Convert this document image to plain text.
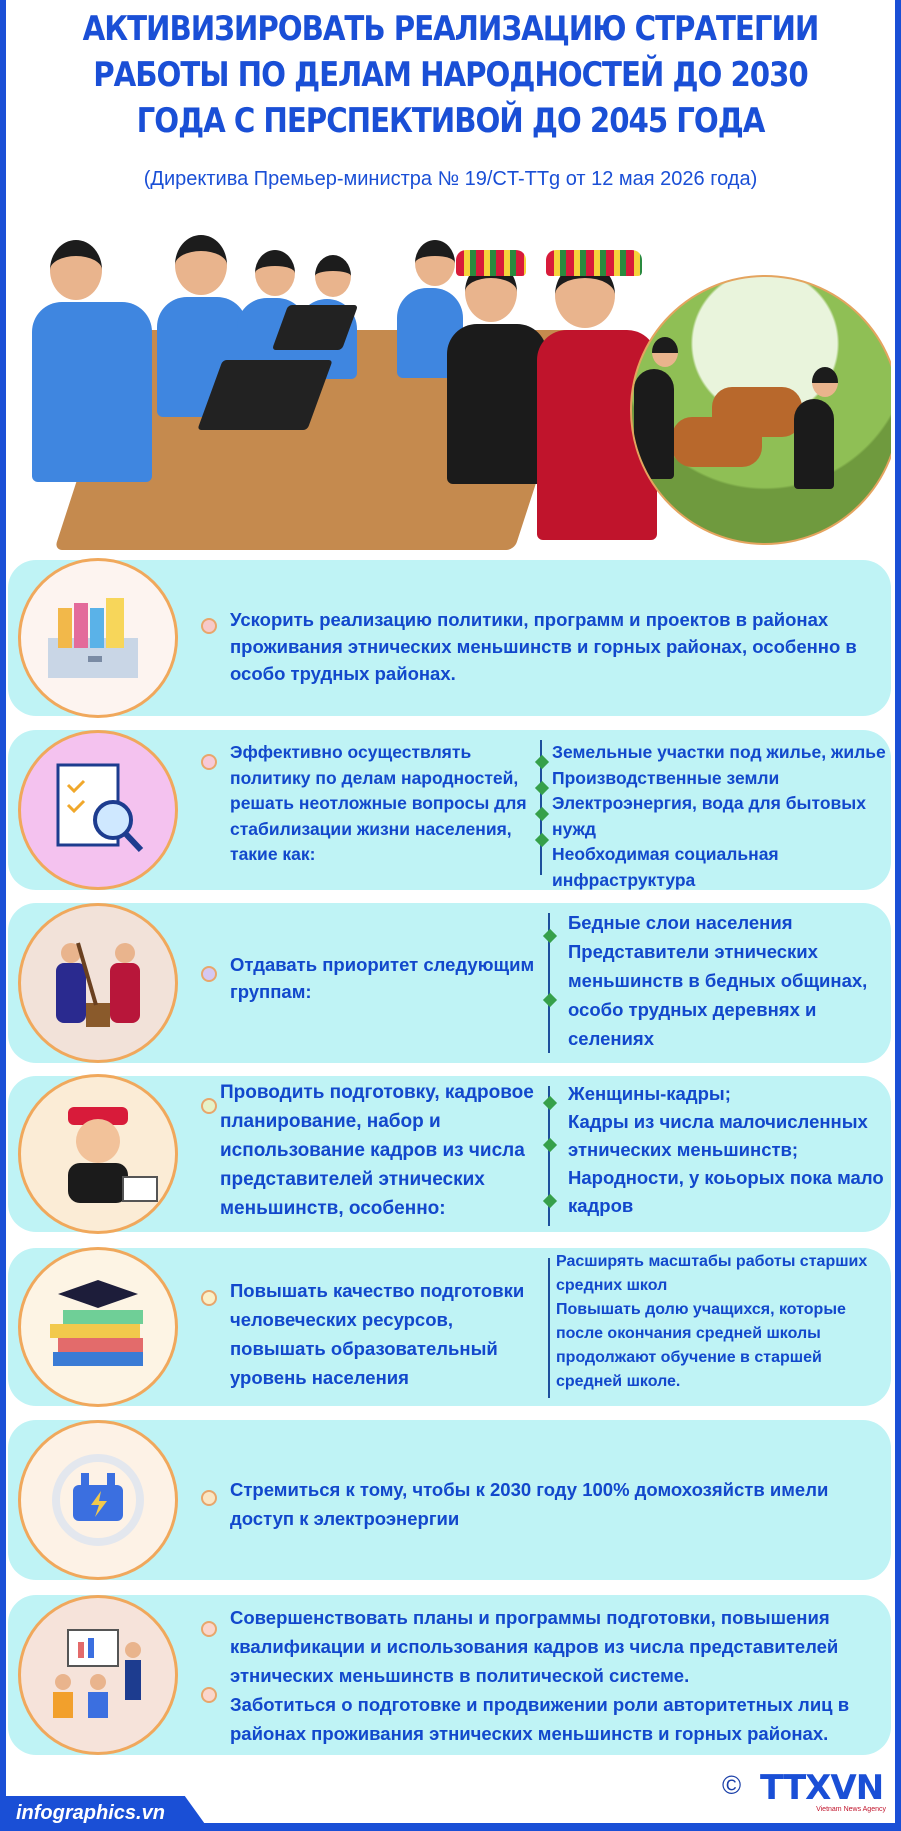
АКТИВИЗИРОВАТЬ РЕАЛИЗАЦИЮ СТРАТЕГИИ РАБОТЫ ПО ДЕЛАМ НАРОДНОСТЕЙ ДО 2030 ГОДА С ПЕРСПЕКТИВОЙ ДО 2045 ГОДА
(Директива Премьер-министра № 19/CT-TTg от 12 мая 2026 года)
Ускорить реализацию политики, программ и проектов в районах проживания этнических меньшинств и горных районах, особенно в особо трудных районах.
Эффективно осуществлять политику по делам народностей, решать неотложные вопросы для стабилизации жизни населения, такие как:
Земельные участки под жилье, жилье
Производственные земли
Электроэнергия, вода для бытовых нужд
Необходимая социальная инфраструктура
Отдавать приоритет следующим группам:
Бедные слои населения
Представители этнических меньшинств в бедных общинах, особо трудных деревнях и селениях
Проводить подготовку, кадровое планирование, набор и использование кадров из числа представителей этнических меньшинств, особенно:
Женщины-кадры;
Кадры из числа малочисленных этнических меньшинств;
Народности, у коьорых пока мало кадров
Повышать качество подготовки человеческих ресурсов, повышать образовательный уровень населения
Расширять масштабы работы старших средних школ
Повышать долю учащихся, которые после окончания средней школы продолжают обучение в старшей средней школе.
Стремиться к тому, чтобы к 2030 году 100% домохозяйств имели доступ к электроэнергии
Совершенствовать планы и программы подготовки, повышения квалификации и использования кадров из числа представителей этнических меньшинств в политической системе.
Заботиться о подготовке и продвижении роли авторитетных лиц в районах проживания этнических меньшинств и горных районах.
© TTXVN
Vietnam News Agency
infographics.vn
